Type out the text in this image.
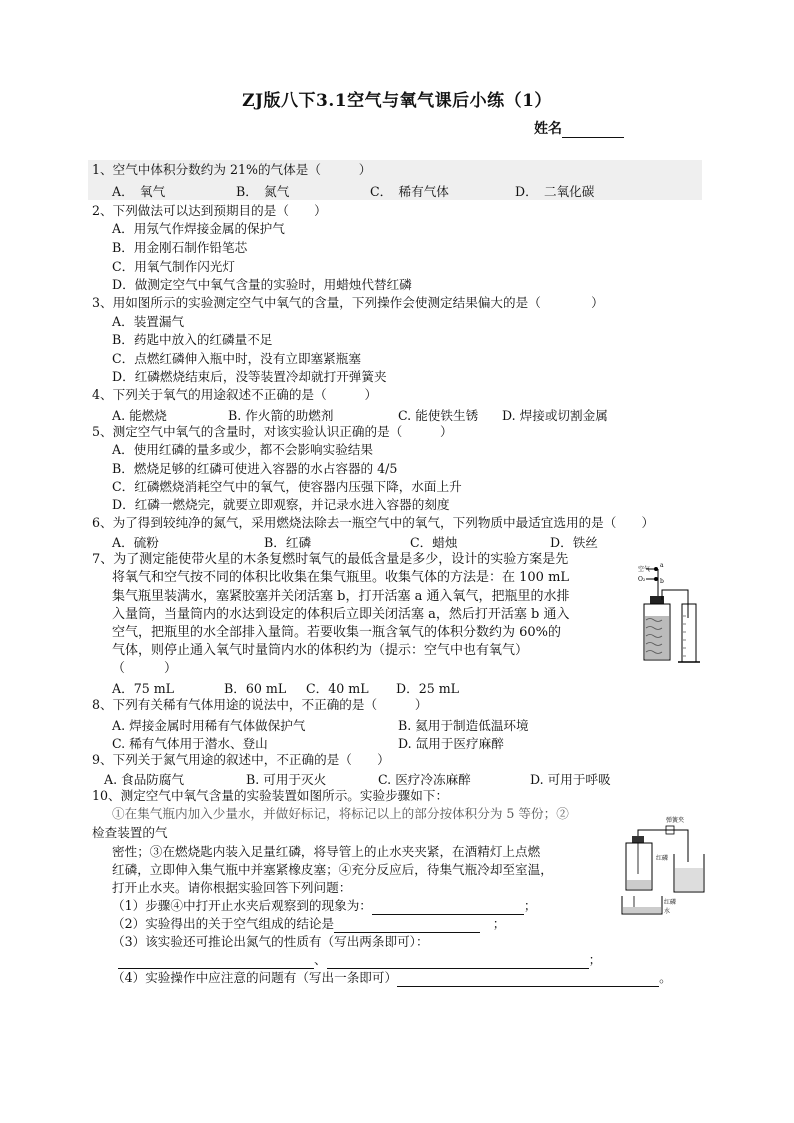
ZJ版八下3.1空气与氧气课后小练（1）
姓名
1、空气中体积分数约为 21%的气体是（　　　）
A．　氧气	B．　氮气	C．　稀有气体	D．　二氧化碳
2、下列做法可以达到预期目的是（　　）
A．用氖气作焊接金属的保护气
B．用金刚石制作铅笔芯
C．用氧气制作闪光灯
D．做测定空气中氧气含量的实验时，用蜡烛代替红磷
3、用如图所示的实验测定空气中氧气的含量，下列操作会使测定结果偏大的是（　　　　）
A．装置漏气
B．药匙中放入的红磷量不足
C．点燃红磷伸入瓶中时，没有立即塞紧瓶塞
D．红磷燃烧结束后，没等装置冷却就打开弹簧夹
4、下列关于氧气的用途叙述不正确的是（　　　）
A. 能燃烧	B. 作火箭的助燃剂	C. 能使铁生锈 D. 焊接或切割金属
5、测定空气中氧气的含量时，对该实验认识正确的是（　　　）
A．使用红磷的量多或少，都不会影响实验结果
B．燃烧足够的红磷可使进入容器的水占容器的 4/5
C．红磷燃烧消耗空气中的氧气，使容器内压强下降，水面上升
D．红磷一燃烧完，就要立即观察，并记录水进入容器的刻度
6、为了得到较纯净的氮气，采用燃烧法除去一瓶空气中的氧气，下列物质中最适宜选用的是（　　）
A．硫粉	B．红磷	C．蜡烛	D．铁丝
7、为了测定能使带火星的木条复燃时氧气的最低含量是多少，设计的实验方案是先
将氧气和空气按不同的体积比收集在集气瓶里。收集气体的方法是：在 100 mL
集气瓶里装满水，塞紧胶塞并关闭活塞 b，打开活塞 a 通入氧气，把瓶里的水排
入量筒，当量筒内的水达到设定的体积后立即关闭活塞 a，然后打开活塞 b 通入
空气，把瓶里的水全部排入量筒。若要收集一瓶含氧气的体积分数约为 60%的
气体，则停止通入氧气时量筒内水的体积约为（提示：空气中也有氧气）
（　　　）
A．75 mL	B．60 mL C．40 mL D．25 mL
空气
O₂
a
b
8、下列有关稀有气体用途的说法中，不正确的是（　　　）
A. 焊接金属时用稀有气体做保护气	B. 氦用于制造低温环境
C. 稀有气体用于潜水、登山	D. 氙用于医疗麻醉
9、下列关于氮气用途的叙述中，不正确的是（　　）
A. 食品防腐气	B. 可用于灭火	C. 医疗冷冻麻醉	D. 可用于呼吸
10、测定空气中氧气含量的实验装置如图所示。实验步骤如下：
①在集气瓶内加入少量水，并做好标记，将标记以上的部分按体积分为 5 等份；②
检查装置的气
密性；③在燃烧匙内装入足量红磷，将导管上的止水夹夹紧，在酒精灯上点燃
红磷，立即伸入集气瓶中并塞紧橡皮塞；④充分反应后，待集气瓶冷却至室温，
打开止水夹。请你根据实验回答下列问题：
（1）步骤④中打开止水夹后观察到的现象为：	；
（2）实验得出的关于空气组成的结论是	　；
（3）该实验还可推论出氮气的性质有（写出两条即可）：
、	；
（4）实验操作中应注意的问题有（写出一条即可）	。
弹簧夹
红磷
红磷
水
